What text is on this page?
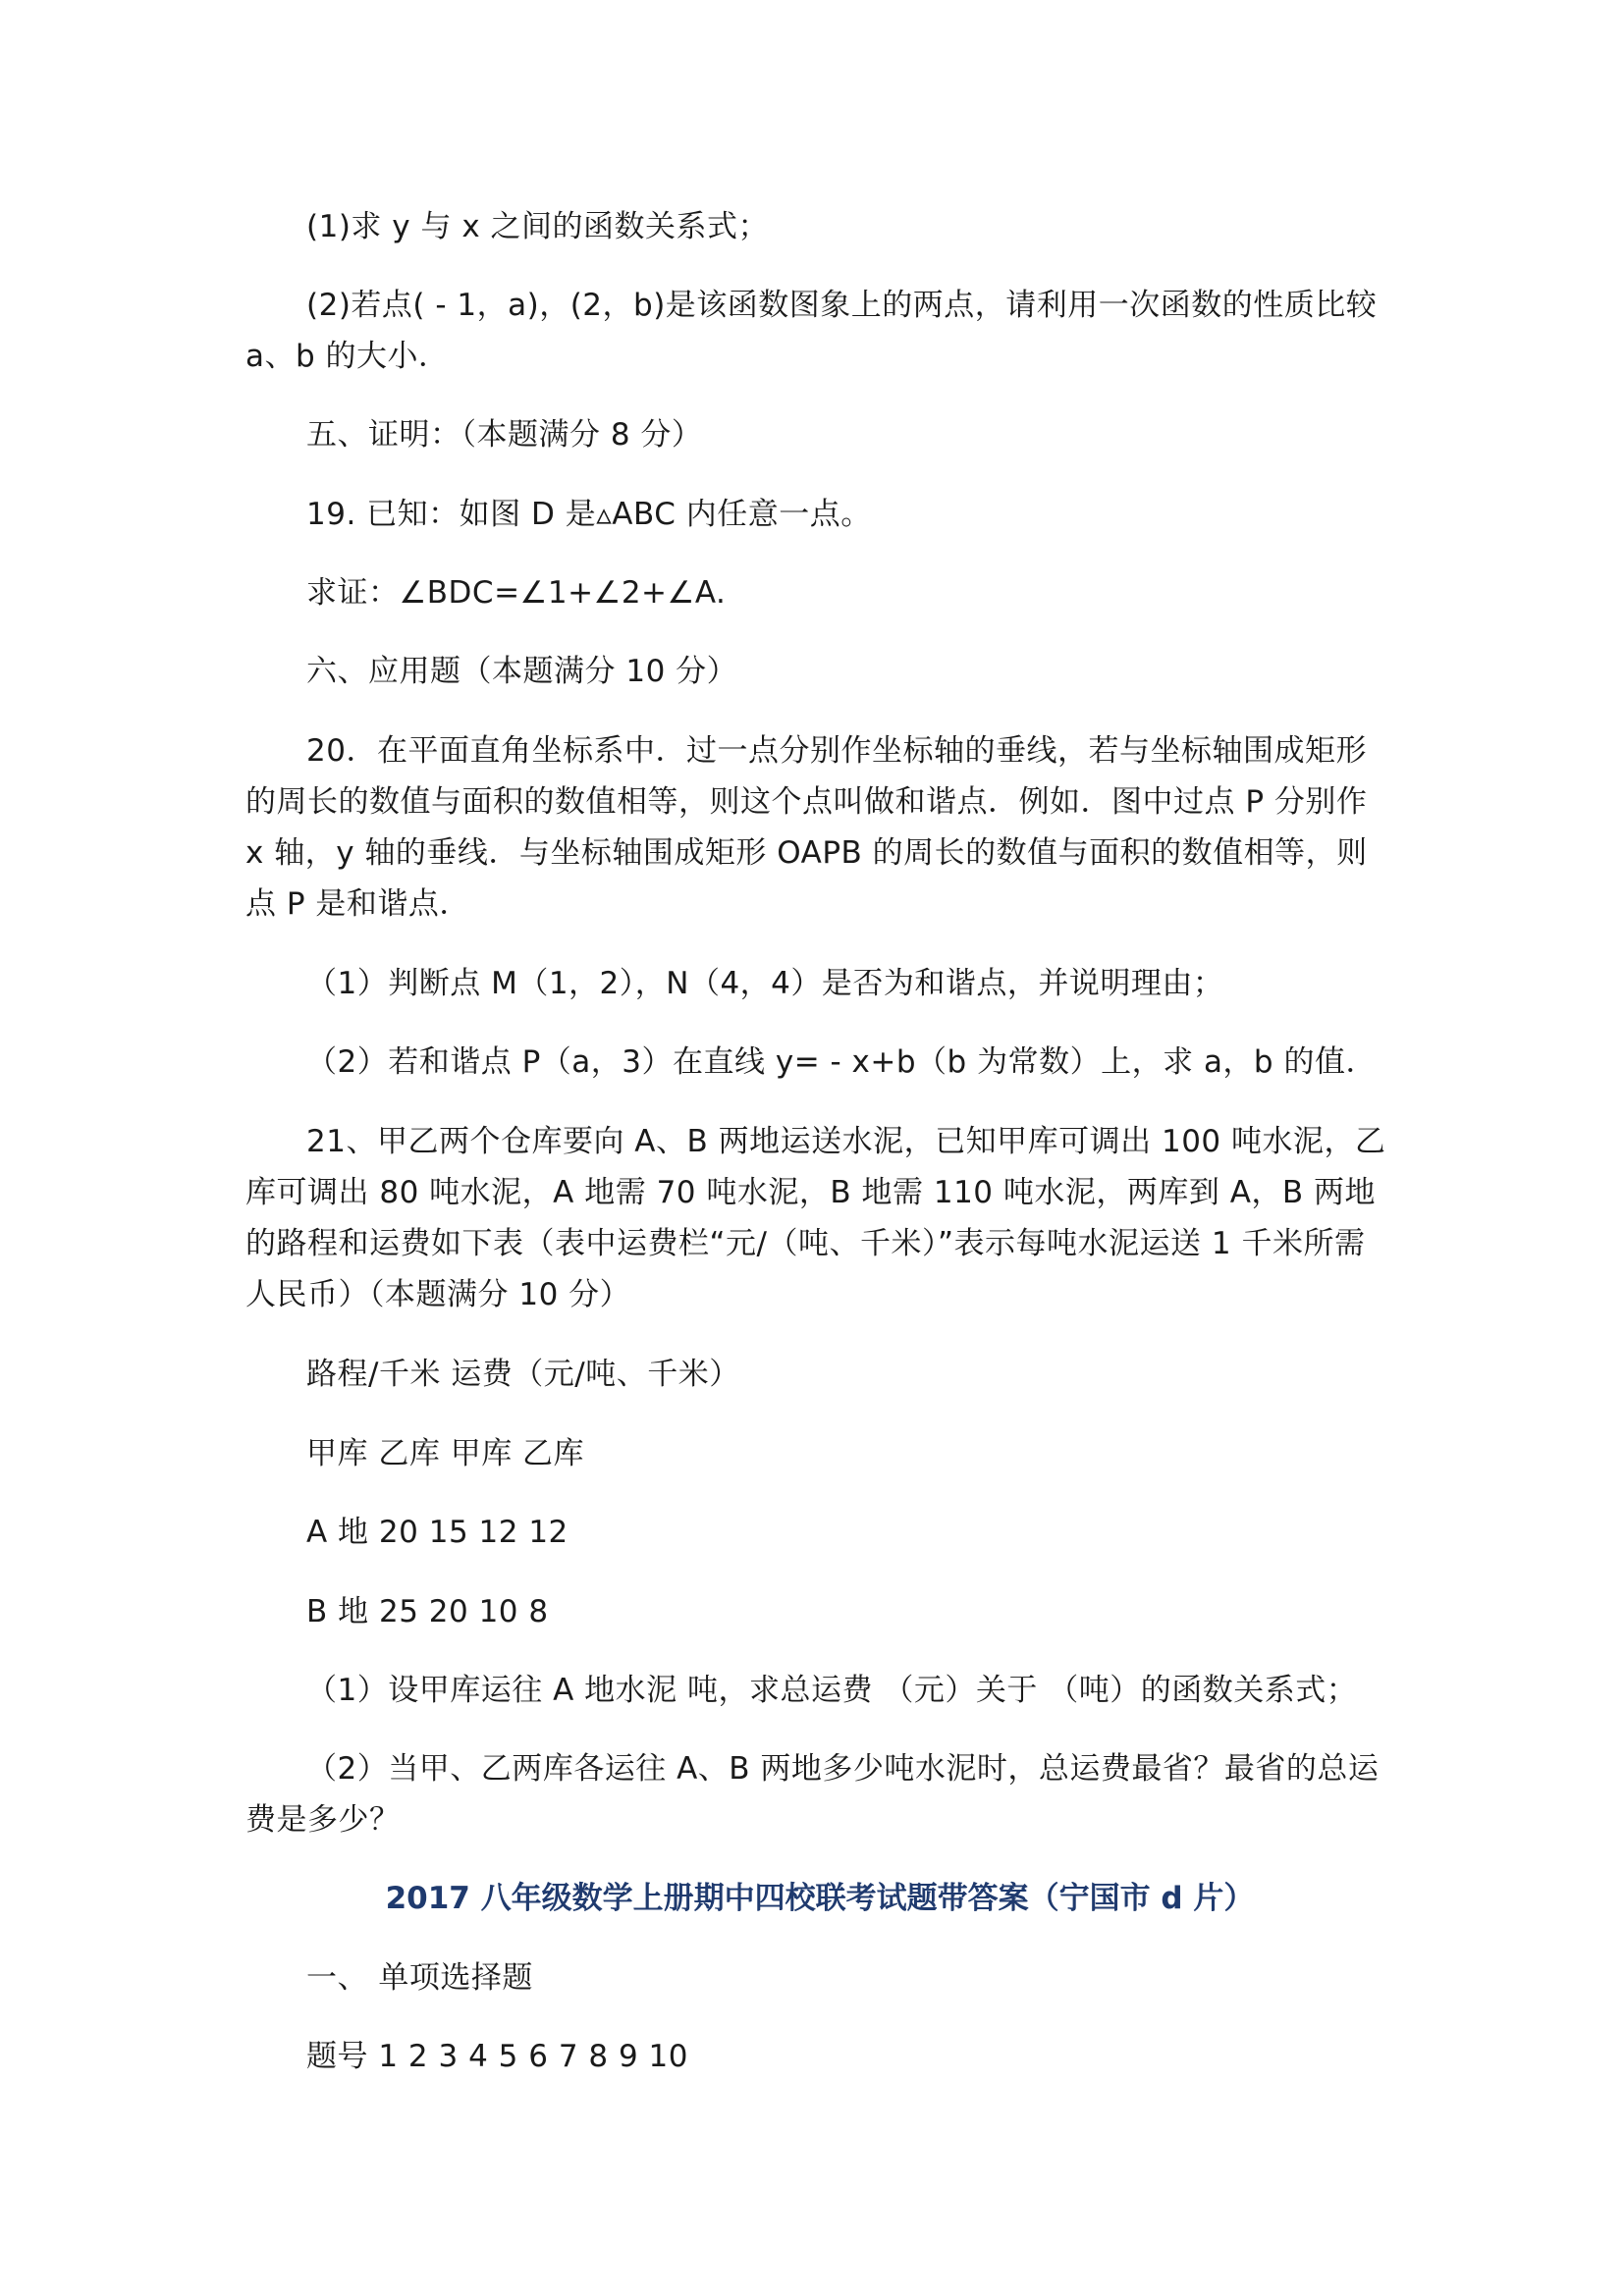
(1)求 y 与 x 之间的函数关系式；

(2)若点( - 1，a)，(2，b)是该函数图象上的两点，请利用一次函数的性质比较 a、b 的大小．

五、证明：（本题满分 8 分）

19. 已知：如图 D 是▵ABC 内任意一点。

求证：∠BDC=∠1+∠2+∠A.

六、应用题（本题满分 10 分）

20．在平面直角坐标系中．过一点分别作坐标轴的垂线，若与坐标轴围成矩形的周长的数值与面积的数值相等，则这个点叫做和谐点．例如．图中过点 P 分别作 x 轴，y 轴的垂线．与坐标轴围成矩形 OAPB 的周长的数值与面积的数值相等，则点 P 是和谐点．

（1）判断点 M（1，2），N（4，4）是否为和谐点，并说明理由；

（2）若和谐点 P（a，3）在直线 y= - x+b（b 为常数）上，求 a，b 的值．

21、甲乙两个仓库要向 A、B 两地运送水泥，已知甲库可调出 100 吨水泥，乙库可调出 80 吨水泥，A 地需 70 吨水泥，B 地需 110 吨水泥，两库到 A，B 两地的路程和运费如下表（表中运费栏“元/（吨、千米）”表示每吨水泥运送 1 千米所需人民币）（本题满分 10 分）

路程/千米 运费（元/吨、千米）

甲库 乙库 甲库 乙库

A 地 20 15 12 12

B 地 25 20 10 8

（1）设甲库运往 A 地水泥 吨，求总运费 （元）关于 （吨）的函数关系式；

（2）当甲、乙两库各运往 A、B 两地多少吨水泥时，总运费最省？最省的总运费是多少？

2017 八年级数学上册期中四校联考试题带答案（宁国市 d 片）

一、 单项选择题

题号 1 2 3 4 5 6 7 8 9 10
